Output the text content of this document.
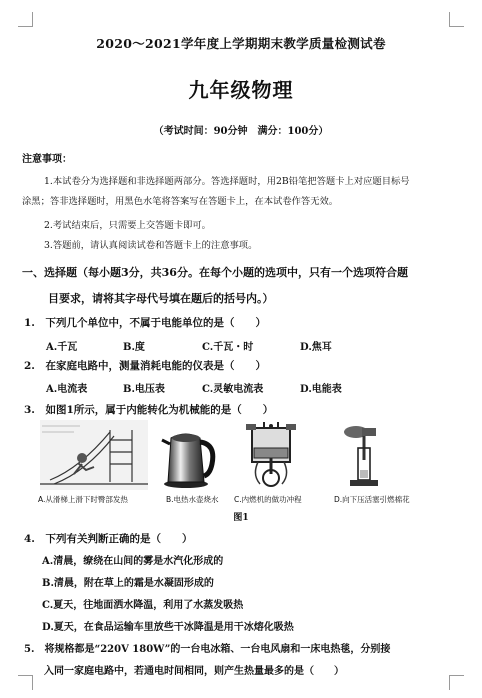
2020～2021学年度上学期期末教学质量检测试卷
九年级物理
（考试时间：90分钟　满分：100分）
注意事项：
1.本试卷分为选择题和非选择题两部分。答选择题时，用2B铅笔把答题卡上对应题目标号
涂黑；答非选择题时，用黑色水笔将答案写在答题卡上，在本试卷作答无效。
2.考试结束后，只需要上交答题卡即可。
3.答题前，请认真阅读试卷和答题卡上的注意事项。
一、选择题（每小题3分，共36分。在每个小题的选项中，只有一个选项符合题
目要求，请将其字母代号填在题后的括号内。）
1.　下列几个单位中，不属于电能单位的是（　　）
A.千瓦	B.度	C.千瓦・时	D.焦耳
2.　在家庭电路中，测量消耗电能的仪表是（　　）
A.电流表	B.电压表	C.灵敏电流表	D.电能表
3.　如图1所示，属于内能转化为机械能的是（　　）
A.从滑梯上滑下时臀部发热	B.电热水壶烧水 C.内燃机的做功冲程	D.向下压活塞引燃棉花
图1
4.　下列有关判断正确的是（　　）
A.清晨，缭绕在山间的雾是水汽化形成的
B.清晨，附在草上的霜是水凝固形成的
C.夏天，往地面洒水降温，利用了水蒸发吸热
D.夏天，在食品运输车里放些干冰降温是用干冰熔化吸热
5.　将规格都是“220V 180W”的一台电冰箱、一台电风扇和一床电热毯，分别接
入同一家庭电路中，若通电时间相同，则产生热量最多的是（　　）
